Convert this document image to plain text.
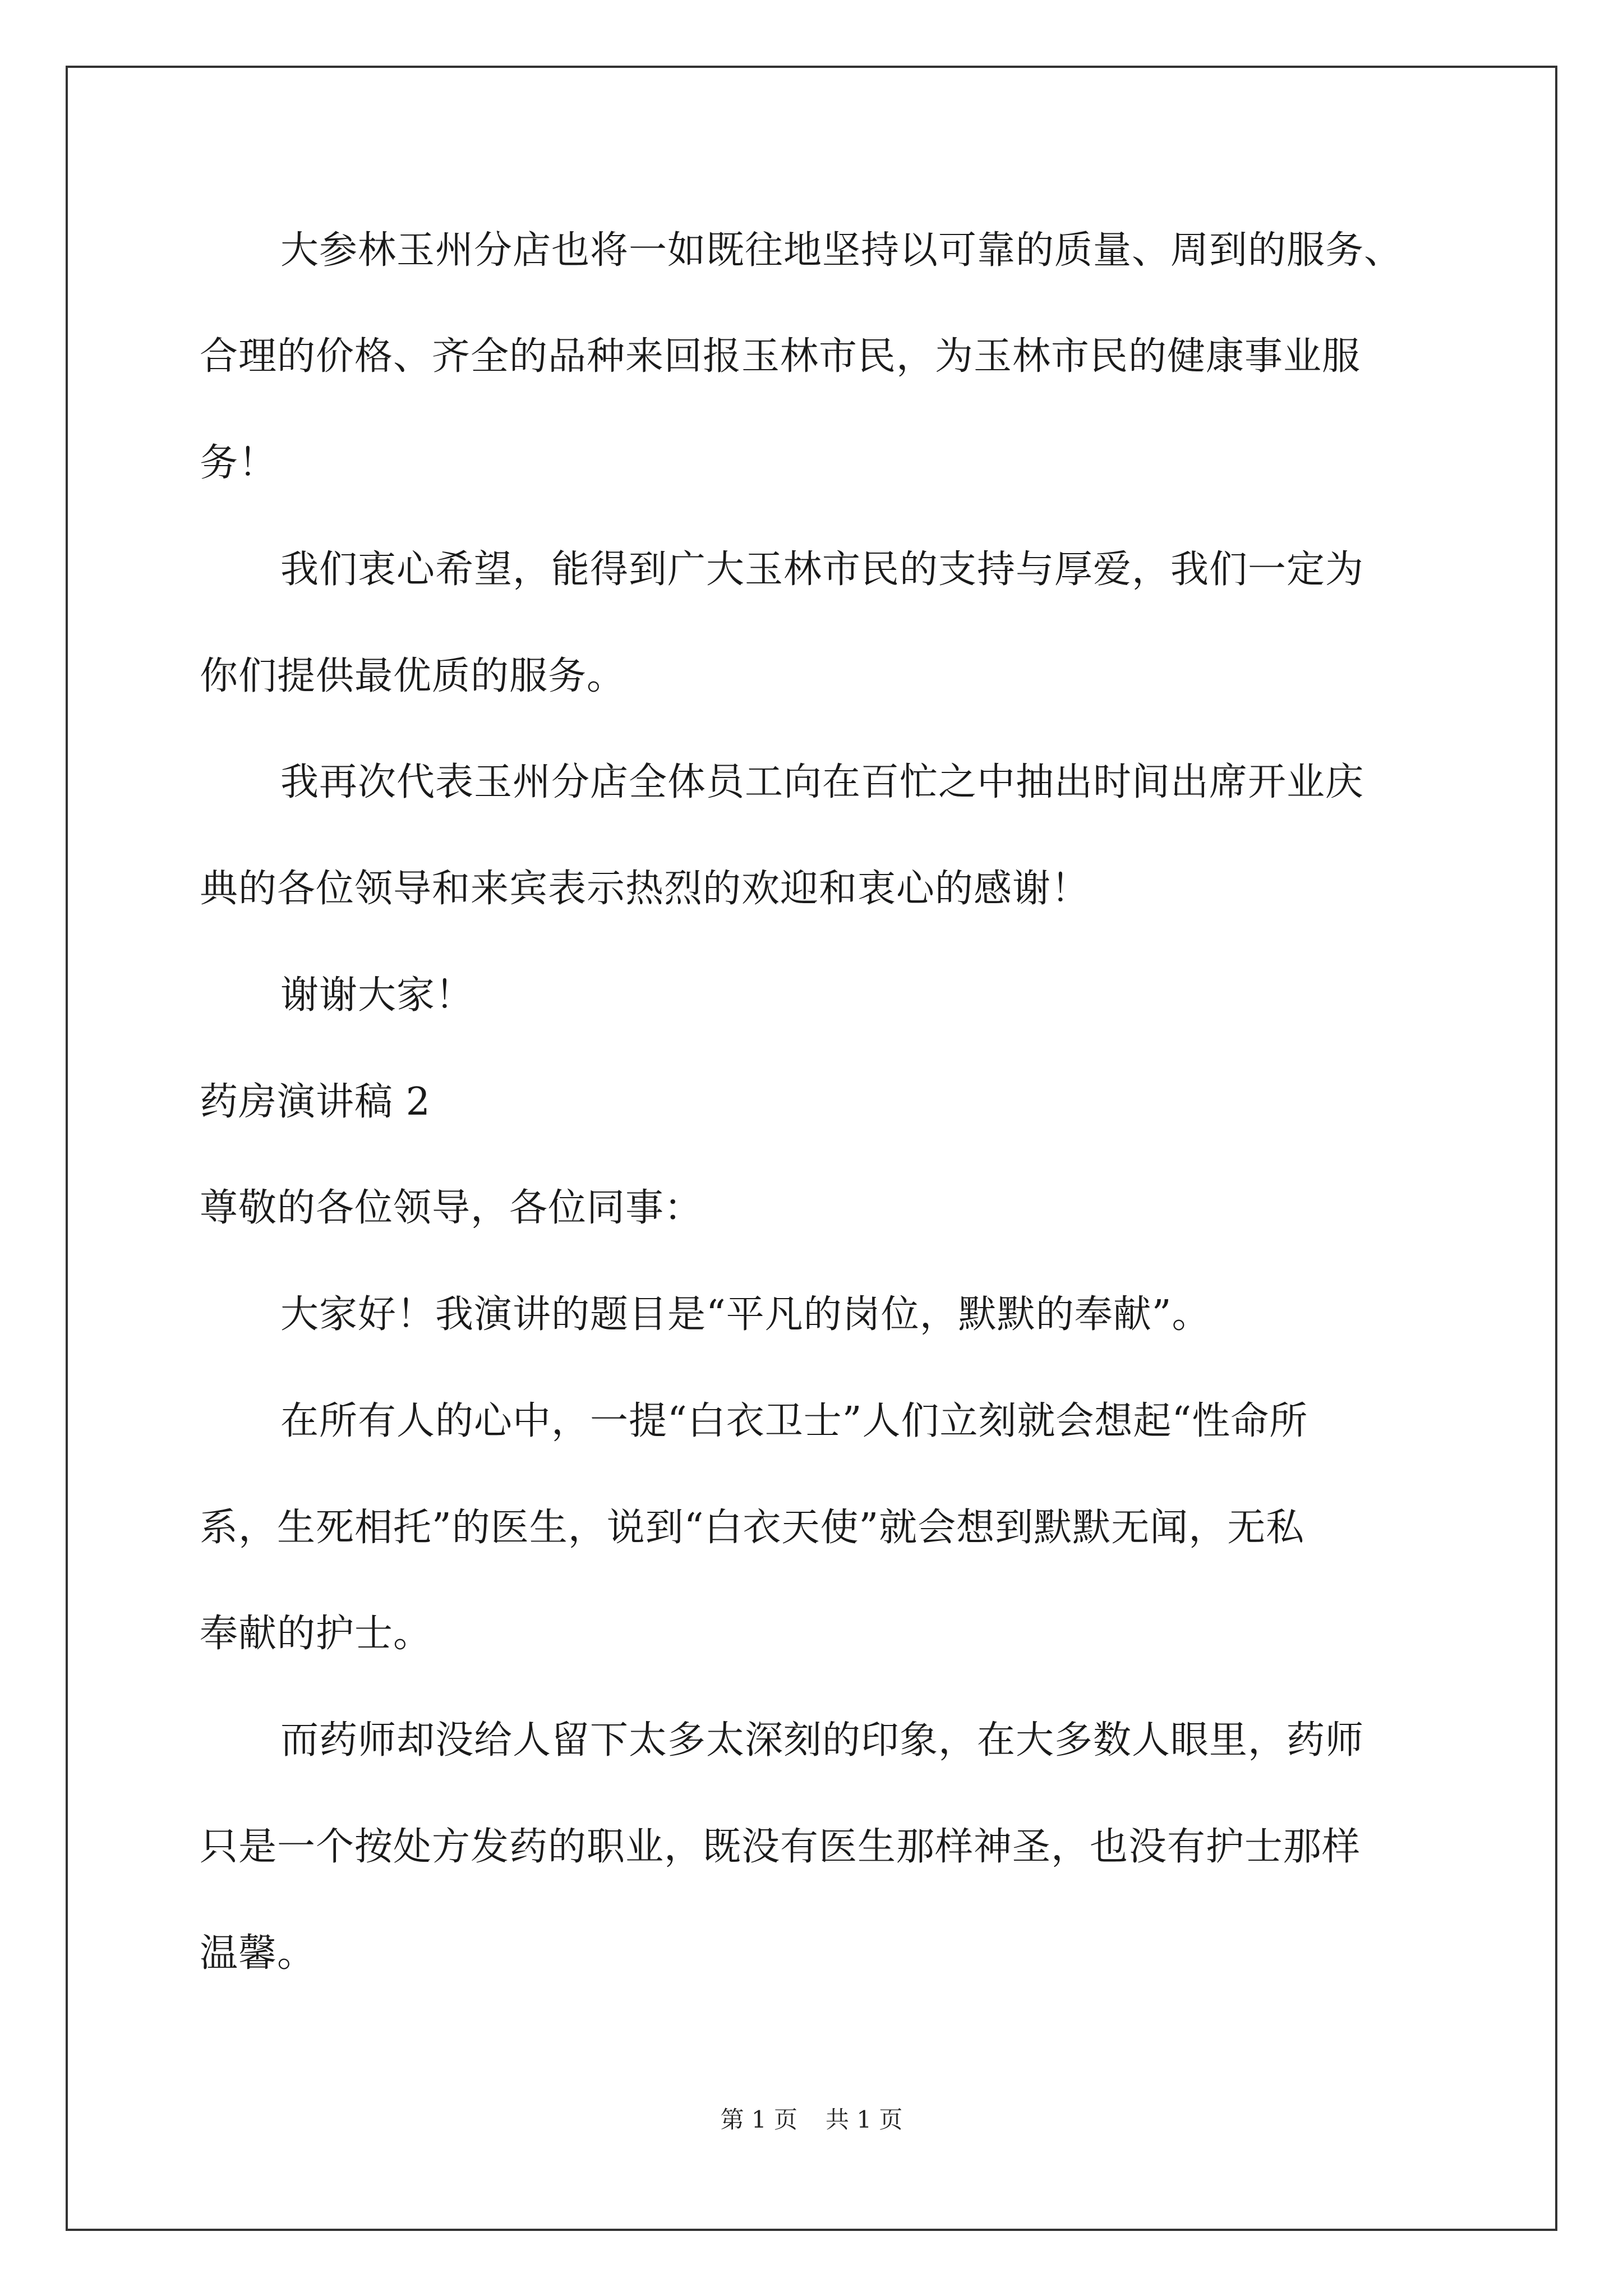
大参林玉州分店也将一如既往地坚持以可靠的质量、周到的服务、

合理的价格、齐全的品种来回报玉林市民，为玉林市民的健康事业服

务！

我们衷心希望，能得到广大玉林市民的支持与厚爱，我们一定为

你们提供最优质的服务。

我再次代表玉州分店全体员工向在百忙之中抽出时间出席开业庆

典的各位领导和来宾表示热烈的欢迎和衷心的感谢！

谢谢大家！

药房演讲稿 2

尊敬的各位领导，各位同事：

大家好！我演讲的题目是“平凡的岗位，默默的奉献”。

在所有人的心中，一提“白衣卫士”人们立刻就会想起“性命所

系，生死相托”的医生，说到“白衣天使”就会想到默默无闻，无私

奉献的护士。

而药师却没给人留下太多太深刻的印象，在大多数人眼里，药师

只是一个按处方发药的职业，既没有医生那样神圣，也没有护士那样

温馨。

第 1 页 共 1 页
